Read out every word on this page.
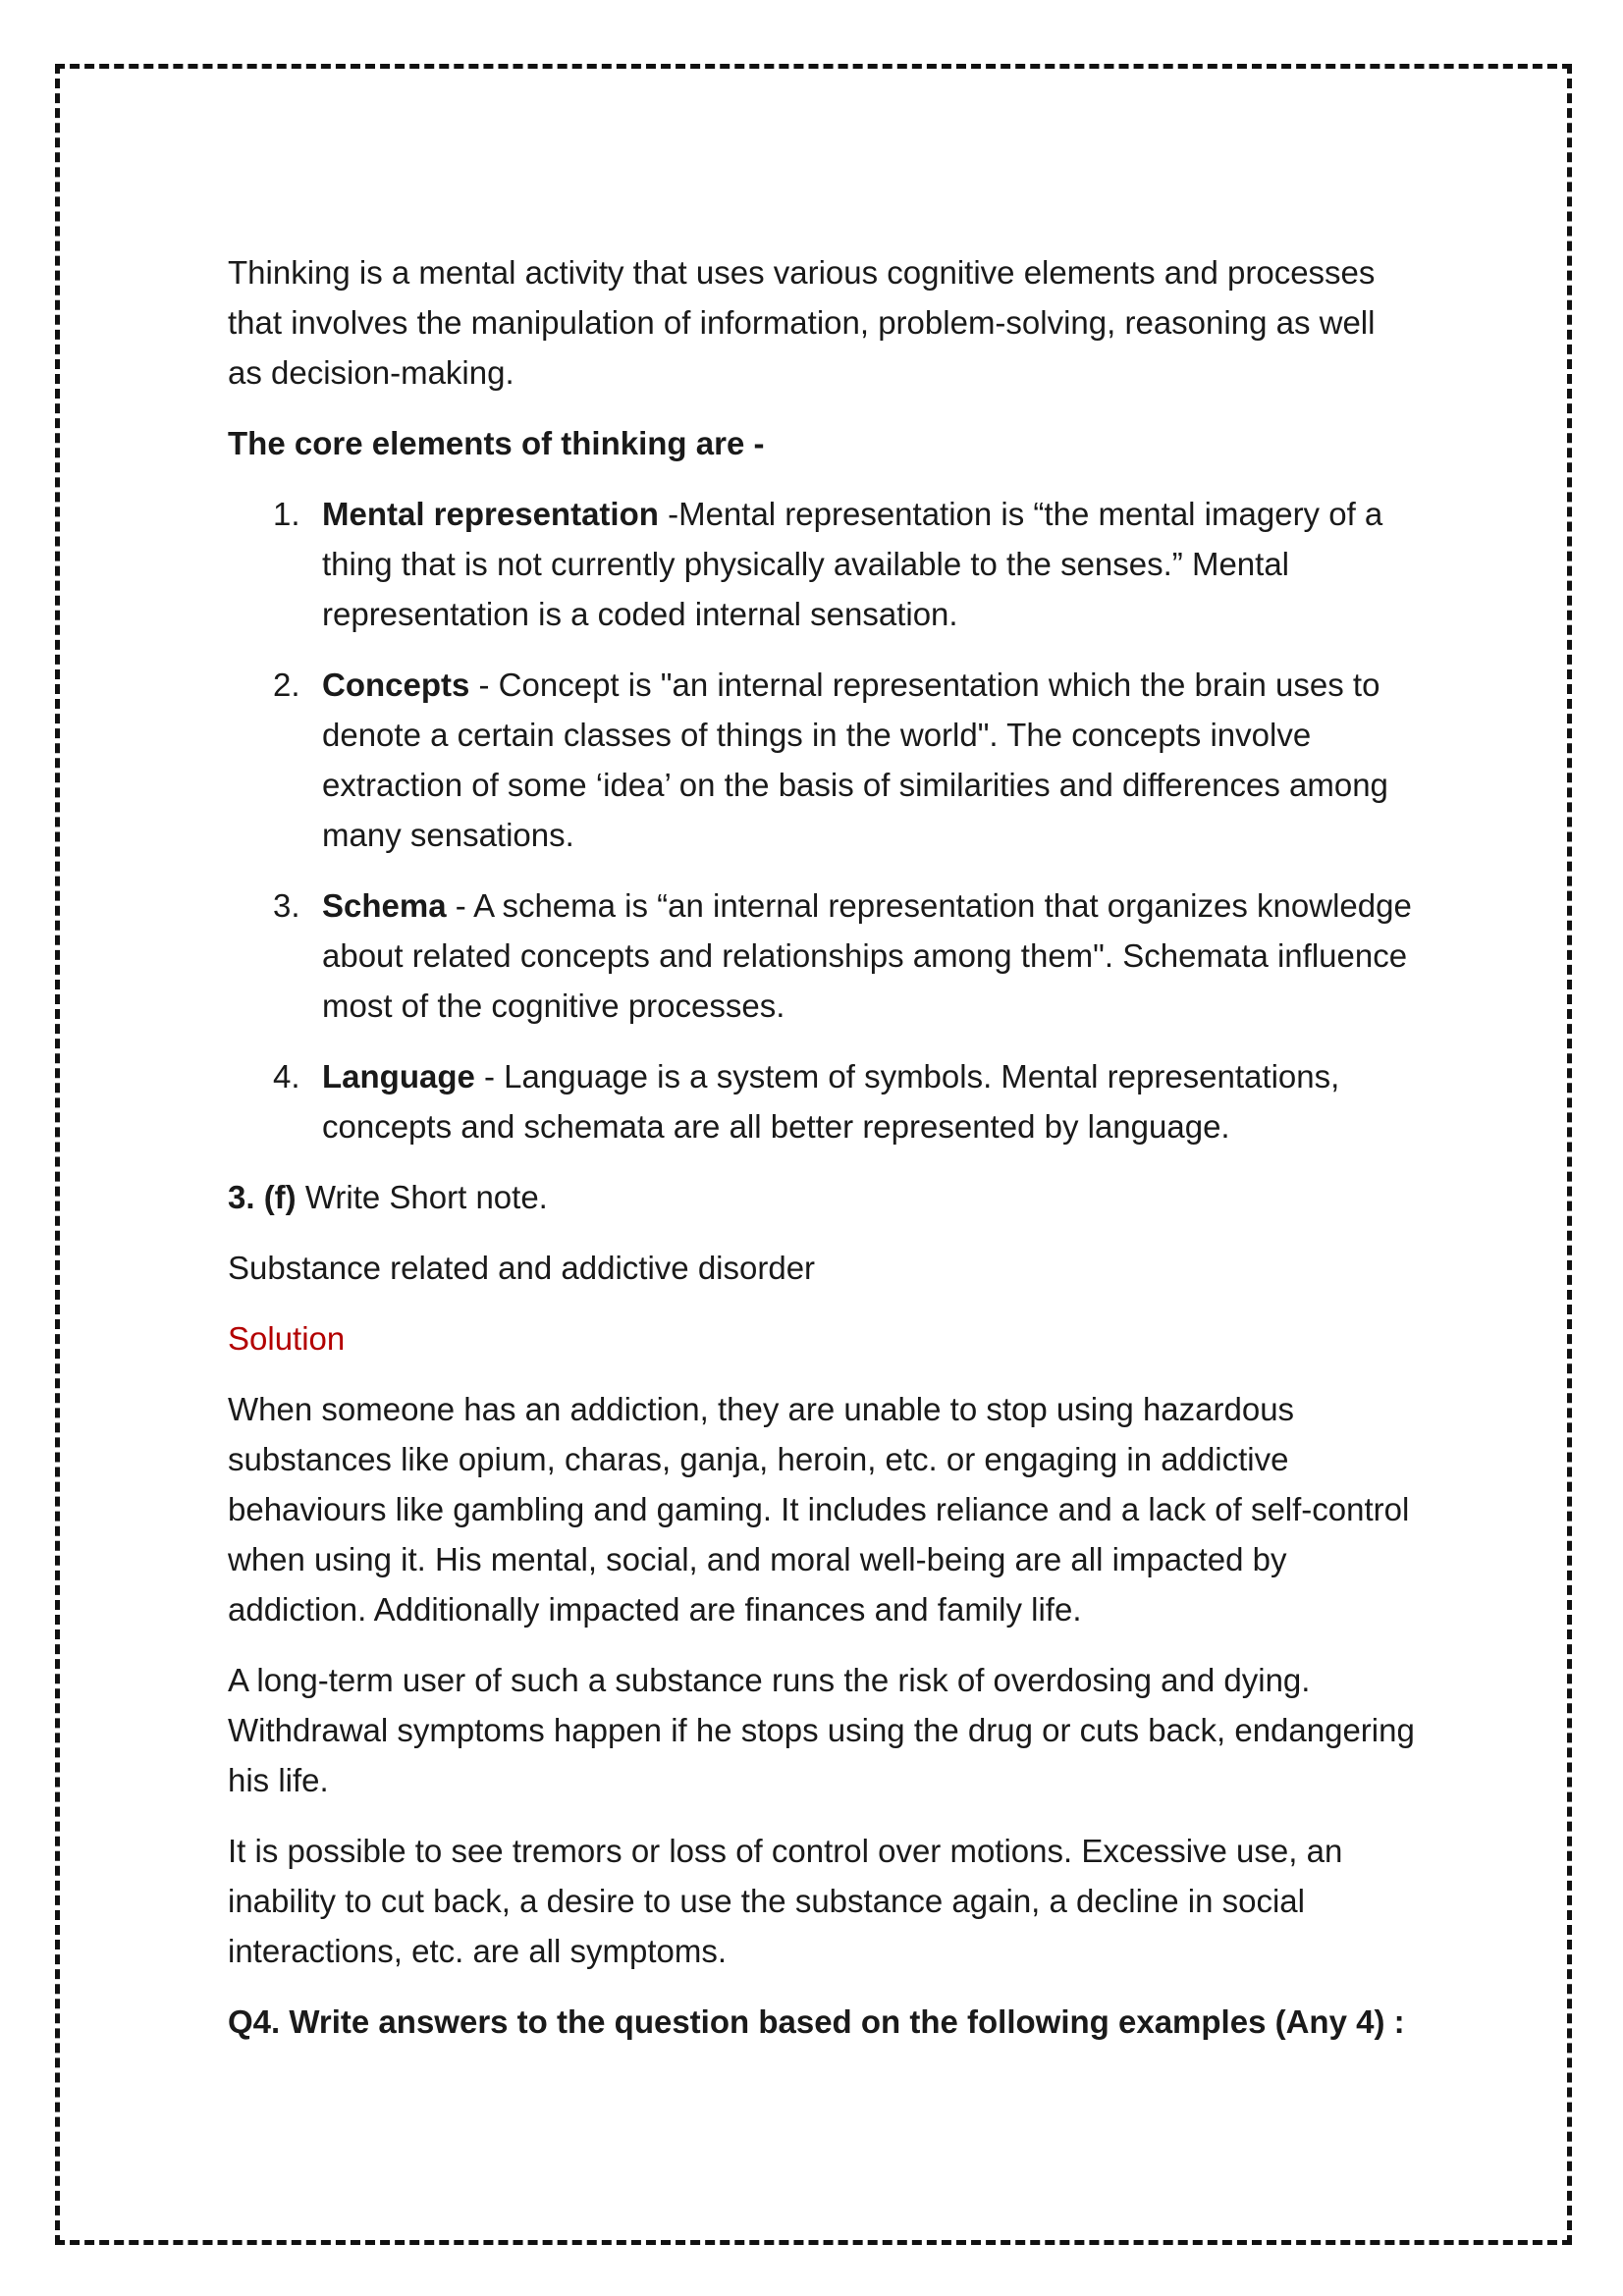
Thinking is a mental activity that uses various cognitive elements and processes that involves the manipulation of information, problem-solving, reasoning as well as decision-making.

The core elements of thinking are -

1. Mental representation -Mental representation is “the mental imagery of a thing that is not currently physically available to the senses.” Mental representation is a coded internal sensation.
2. Concepts - Concept is "an internal representation which the brain uses to denote a certain classes of things in the world". The concepts involve extraction of some ‘idea’ on the basis of similarities and differences among many sensations.
3. Schema - A schema is “an internal representation that organizes knowledge about related concepts and relationships among them". Schemata influence most of the cognitive processes.
4. Language - Language is a system of symbols. Mental representations, concepts and schemata are all better represented by language.

3. (f) Write Short note.

Substance related and addictive disorder

Solution

When someone has an addiction, they are unable to stop using hazardous substances like opium, charas, ganja, heroin, etc. or engaging in addictive behaviours like gambling and gaming. It includes reliance and a lack of self-control when using it. His mental, social, and moral well-being are all impacted by addiction. Additionally impacted are finances and family life.

A long-term user of such a substance runs the risk of overdosing and dying. Withdrawal symptoms happen if he stops using the drug or cuts back, endangering his life.

It is possible to see tremors or loss of control over motions. Excessive use, an inability to cut back, a desire to use the substance again, a decline in social interactions, etc. are all symptoms.

Q4. Write answers to the question based on the following examples (Any 4) :
